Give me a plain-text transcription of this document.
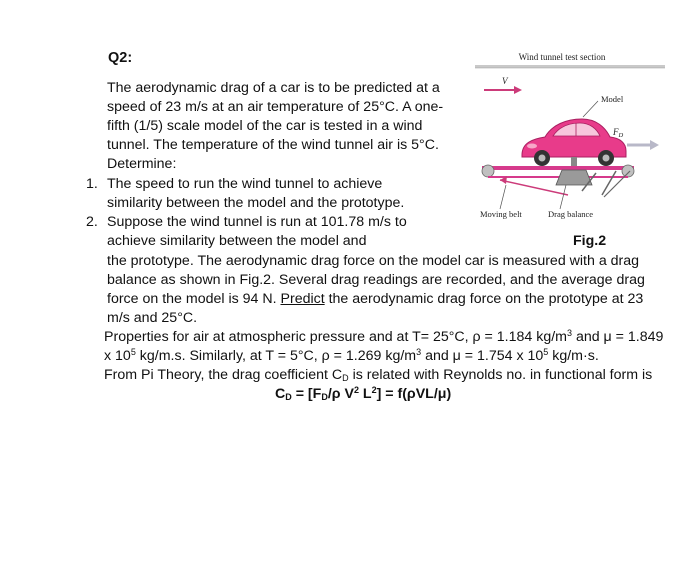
Q2:
The aerodynamic drag of a car is to be predicted at a
speed of 23 m/s at an air temperature of 25°C. A one-
fifth (1/5) scale model of the car is tested in a wind
tunnel. The temperature of the wind tunnel air is 5°C.
Determine:
1. The speed to run the wind tunnel to achieve
similarity between the model and the prototype.
2. Suppose the wind tunnel is run at 101.78 m/s to
achieve similarity between the model and	Fig.2
the prototype. The aerodynamic drag force on the model car is measured with a drag
balance as shown in Fig.2. Several drag readings are recorded, and the average drag
force on the model is 94 N. Predict the aerodynamic drag force on the prototype at 23
m/s and 25°C.
Properties for air at atmospheric pressure and at T= 25°C, ρ = 1.184 $kg/m^3$ and μ = 1.849
x $10^5$ kg/m.s. Similarly, at T = 5°C, ρ = 1.269 $kg/m^3$ and μ = 1.754 x $10^5$ kg/m·s.
From Pi Theory, the drag coefficient $C_D$ is related with Reynolds no. in functional form is
$C_D = [F_D/\rho$ $V^2$ $L^2] = f(\rho VL/\mu)$
Wind tunnel test section
V
Model
$F_D$
Moving belt	Drag balance
